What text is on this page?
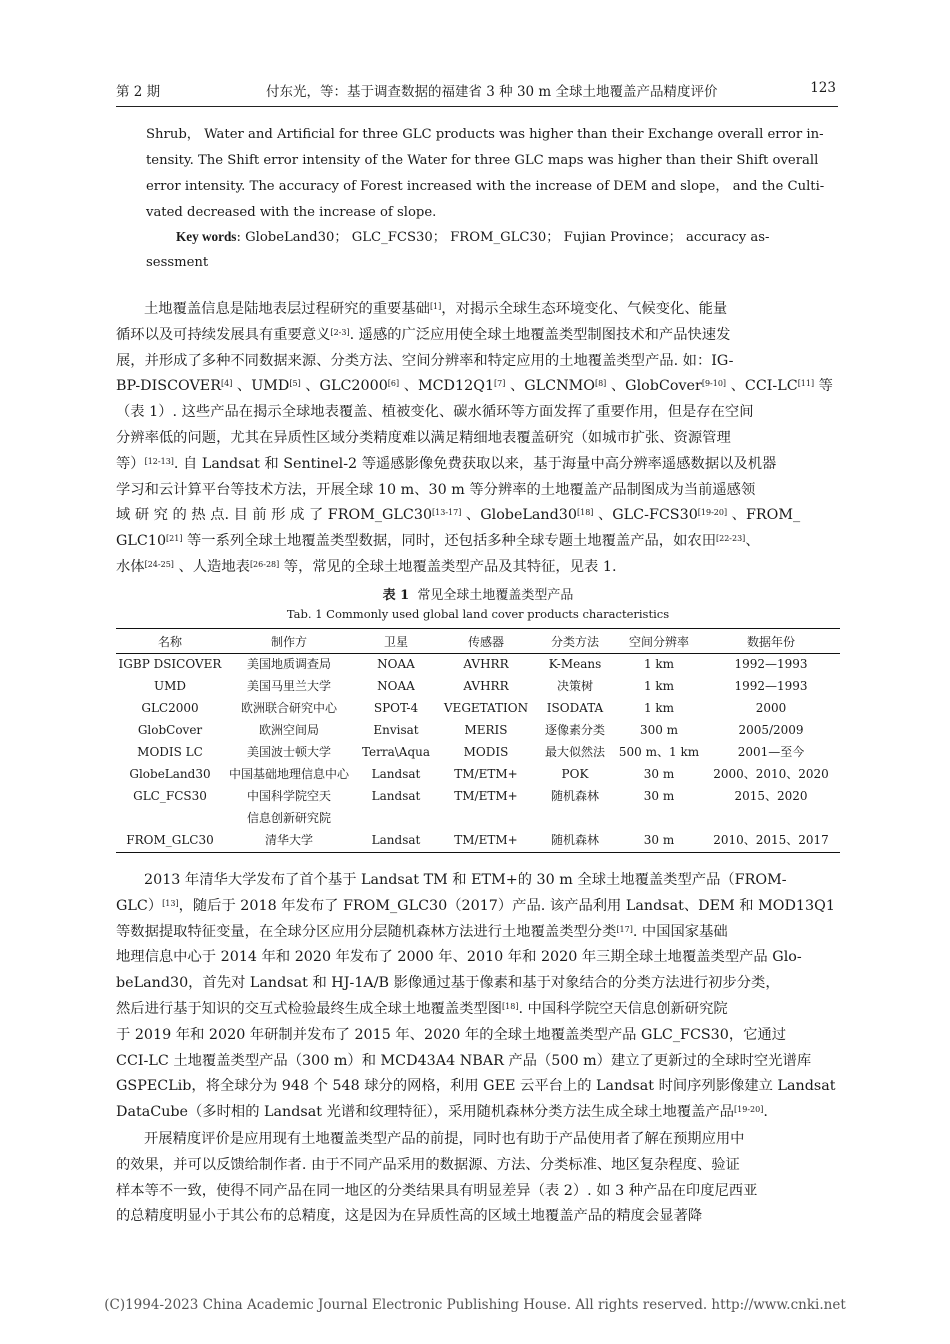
第 2 期	付东光，等：基于调查数据的福建省 3 种 30 m 全球土地覆盖产品精度评价	123
Shrub， Water and Artificial for three GLC products was higher than their Exchange overall error in-
tensity. The Shift error intensity of the Water for three GLC maps was higher than their Shift overall
error intensity. The accuracy of Forest increased with the increase of DEM and slope， and the Culti-
vated decreased with the increase of slope.
Key words: GlobeLand30； GLC_FCS30； FROM_GLC30； Fujian Province； accuracy as-
sessment
土地覆盖信息是陆地表层过程研究的重要基础[1]，对揭示全球生态环境变化、气候变化、能量
循环以及可持续发展具有重要意义[2-3]. 遥感的广泛应用使全球土地覆盖类型制图技术和产品快速发
展，并形成了多种不同数据来源、分类方法、空间分辨率和特定应用的土地覆盖类型产品. 如：IG-
BP-DISCOVER[4] 、UMD[5] 、GLC2000[6] 、MCD12Q1[7] 、GLCNMO[8] 、GlobCover[9-10] 、CCI-LC[11] 等
（表 1）. 这些产品在揭示全球地表覆盖、植被变化、碳水循环等方面发挥了重要作用，但是存在空间
分辨率低的问题，尤其在异质性区域分类精度难以满足精细地表覆盖研究（如城市扩张、资源管理
等）[12-13]. 自 Landsat 和 Sentinel-2 等遥感影像免费获取以来，基于海量中高分辨率遥感数据以及机器
学习和云计算平台等技术方法，开展全球 10 m、30 m 等分辨率的土地覆盖产品制图成为当前遥感领
域 研 究 的 热 点. 目 前 形 成 了 FROM_GLC30[13-17] 、GlobeLand30[18] 、GLC-FCS30[19-20] 、FROM_
GLC10[21] 等一系列全球土地覆盖类型数据，同时，还包括多种全球专题土地覆盖产品，如农田[22-23]、
水体[24-25] 、人造地表[26-28] 等，常见的全球土地覆盖类型产品及其特征，见表 1.
表 1 常见全球土地覆盖类型产品
Tab. 1 Commonly used global land cover products characteristics
名称	制作方	卫星	传感器	分类方法	空间分辨率	数据年份
IGBP DSICOVER	美国地质调查局	NOAA	AVHRR	K-Means	1 km	1992—1993
UMD	美国马里兰大学	NOAA	AVHRR	决策树	1 km	1992—1993
GLC2000	欧洲联合研究中心	SPOT-4	VEGETATION	ISODATA	1 km	2000
GlobCover	欧洲空间局	Envisat	MERIS	逐像素分类	300 m	2005/2009
MODIS LC	美国波士顿大学	Terra\Aqua	MODIS	最大似然法	500 m、1 km	2001—至今
GlobeLand30	中国基础地理信息中心	Landsat	TM/ETM+	POK	30 m	2000、2010、2020
GLC_FCS30	中国科学院空天	Landsat	TM/ETM+	随机森林	30 m	2015、2020
	信息创新研究院					
FROM_GLC30	清华大学	Landsat	TM/ETM+	随机森林	30 m	2010、2015、2017
2013 年清华大学发布了首个基于 Landsat TM 和 ETM+的 30 m 全球土地覆盖类型产品（FROM-
GLC）[13]，随后于 2018 年发布了 FROM_GLC30（2017）产品. 该产品利用 Landsat、DEM 和 MOD13Q1
等数据提取特征变量，在全球分区应用分层随机森林方法进行土地覆盖类型分类[17]. 中国国家基础
地理信息中心于 2014 年和 2020 年发布了 2000 年、2010 年和 2020 年三期全球土地覆盖类型产品 Glo-
beLand30，首先对 Landsat 和 HJ-1A/B 影像通过基于像素和基于对象结合的分类方法进行初步分类，
然后进行基于知识的交互式检验最终生成全球土地覆盖类型图[18]. 中国科学院空天信息创新研究院
于 2019 年和 2020 年研制并发布了 2015 年、2020 年的全球土地覆盖类型产品 GLC_FCS30，它通过
CCI-LC 土地覆盖类型产品（300 m）和 MCD43A4 NBAR 产品（500 m）建立了更新过的全球时空光谱库
GSPECLib，将全球分为 948 个 548 球分的网格，利用 GEE 云平台上的 Landsat 时间序列影像建立 Landsat
DataCube（多时相的 Landsat 光谱和纹理特征），采用随机森林分类方法生成全球土地覆盖产品[19-20].
开展精度评价是应用现有土地覆盖类型产品的前提，同时也有助于产品使用者了解在预期应用中
的效果，并可以反馈给制作者. 由于不同产品采用的数据源、方法、分类标准、地区复杂程度、验证
样本等不一致，使得不同产品在同一地区的分类结果具有明显差异（表 2）. 如 3 种产品在印度尼西亚
的总精度明显小于其公布的总精度，这是因为在异质性高的区域土地覆盖产品的精度会显著降
(C)1994-2023 China Academic Journal Electronic Publishing House. All rights reserved. http://www.cnki.net
